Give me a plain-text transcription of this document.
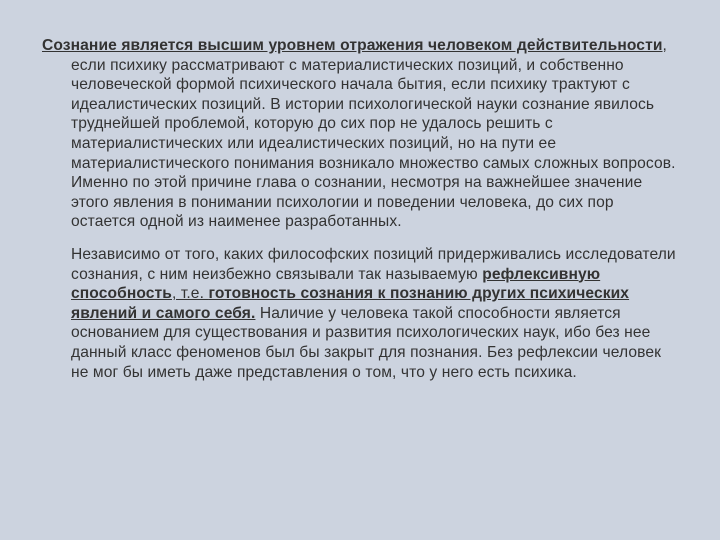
Сознание является высшим уровнем отражения человеком действительности, если психику рассматривают с материалистических позиций, и собственно человеческой формой психического начала бытия, если психику трактуют с идеалистических позиций. В истории психологической науки сознание явилось труднейшей проблемой, которую до сих пор не удалось решить с материалистических или идеалистических позиций, но на пути ее материалистического понимания возникало множество самых сложных вопросов. Именно по этой причине глава о сознании, несмотря на важнейшее значение этого явления в понимании психологии и поведении человека, до сих пор остается одной из наименее разработанных.

Независимо от того, каких философских позиций придерживались исследователи сознания, с ним неизбежно связывали так называемую рефлексивную способность, т.е. готовность сознания к познанию других психических явлений и самого себя. Наличие у человека такой способности является основанием для существования и развития психологических наук, ибо без нее данный класс феноменов был бы закрыт для познания. Без рефлексии человек не мог бы иметь даже представления о том, что у него есть психика.
